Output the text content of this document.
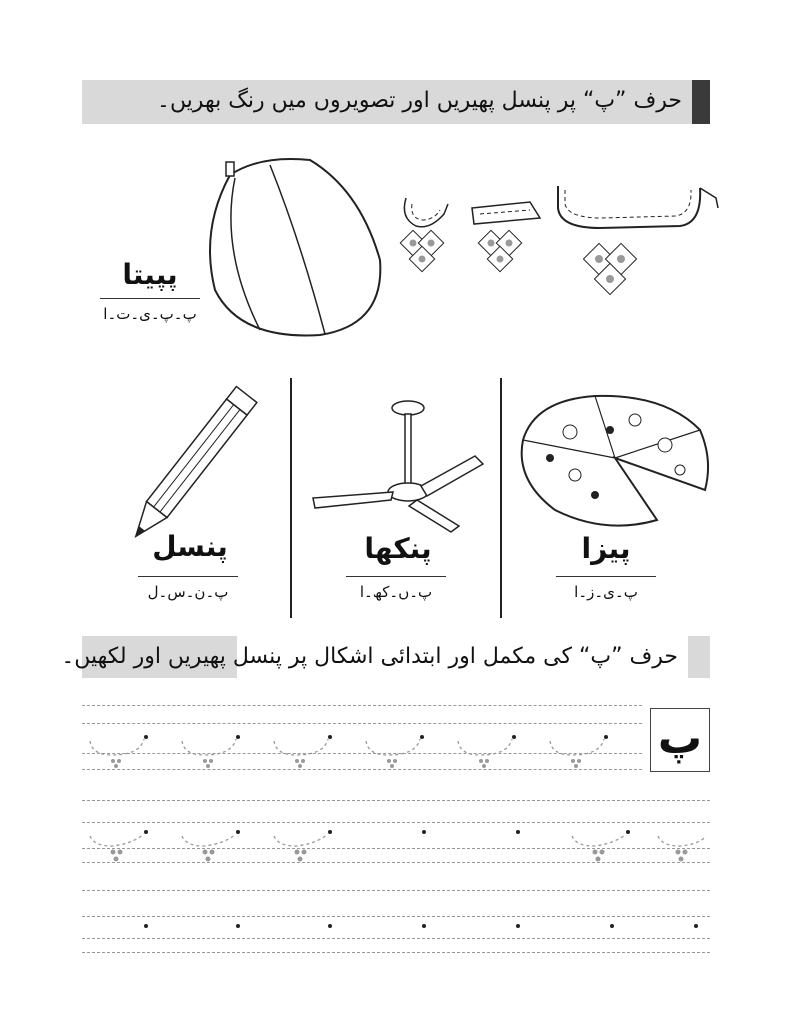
حرف ”پ“ پر پنسل پھیریں اور تصویروں میں رنگ بھریں۔
پپیتا
پ۔پ۔ی۔ت۔ا
پنسل
پ۔ن۔س۔ل
پنکھا
پ۔ں۔کھ۔ا
پیزا
پ۔ی۔ز۔ا
حرف ”پ“ کی مکمل اور ابتدائی اشکال پر پنسل پھیریں اور لکھیں۔
پ
